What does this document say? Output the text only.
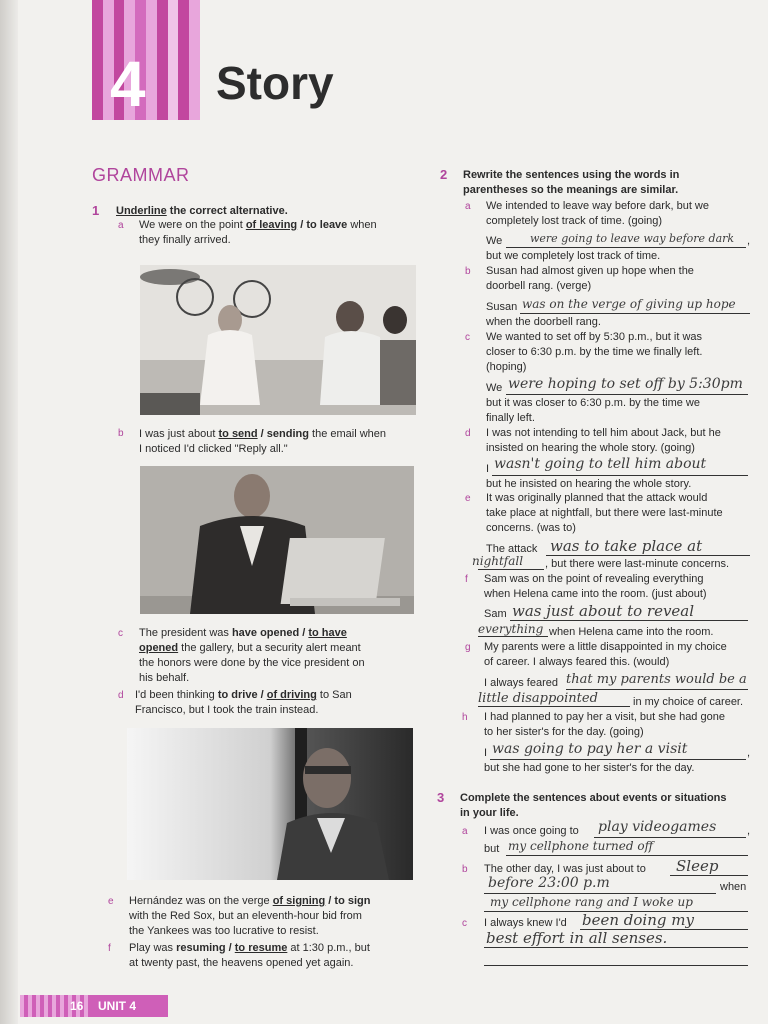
4 Story
GRAMMAR
1 Underline the correct alternative.
a We were on the point of leaving / to leave when
they finally arrived.
b I was just about to send / sending the email when
I noticed I'd clicked "Reply all."
c The president was have opened / to have
opened the gallery, but a security alert meant
the honors were done by the vice president on
his behalf.
d I'd been thinking to drive / of driving to San
Francisco, but I took the train instead.
e Hernández was on the verge of signing / to sign
with the Red Sox, but an eleventh-hour bid from
the Yankees was too lucrative to resist.
f Play was resuming / to resume at 1:30 p.m., but
at twenty past, the heavens opened yet again.
2 Rewrite the sentences using the words in
parentheses so the meanings are similar.
a We intended to leave way before dark, but we
completely lost track of time. (going)
We	were going to leave way before dark ,
but we completely lost track of time.
b Susan had almost given up hope when the
doorbell rang. (verge)
Susan was on the verge of giving up hope
when the doorbell rang.
c We wanted to set off by 5:30 p.m., but it was
closer to 6:30 p.m. by the time we finally left.
(hoping)
We were hoping to set off by 5:30pm
but it was closer to 6:30 p.m. by the time we
finally left.
d I was not intending to tell him about Jack, but he
insisted on hearing the whole story. (going)
I wasn't going to tell him about
but he insisted on hearing the whole story.
e It was originally planned that the attack would
take place at nightfall, but there were last-minute
concerns. (was to)
The attack was to take place at
nightfall , but there were last-minute concerns.
f Sam was on the point of revealing everything
when Helena came into the room. (just about)
Sam was just about to reveal
everything when Helena came into the room.
g My parents were a little disappointed in my choice
of career. I always feared this. (would)
I always feared that my parents would be a
little disappointed	in my choice of career.
h I had planned to pay her a visit, but she had gone
to her sister's for the day. (going)
I was going to pay her a visit	,
but she had gone to her sister's for the day.
3 Complete the sentences about events or situations
in your life.
a I was once going to play videogames	,
but my cellphone turned off
b The other day, I was just about to Sleep
before 23:00 p.m	when
my cellphone rang and I woke up
c I always knew I'd been doing my
best effort in all senses.
16 UNIT 4
